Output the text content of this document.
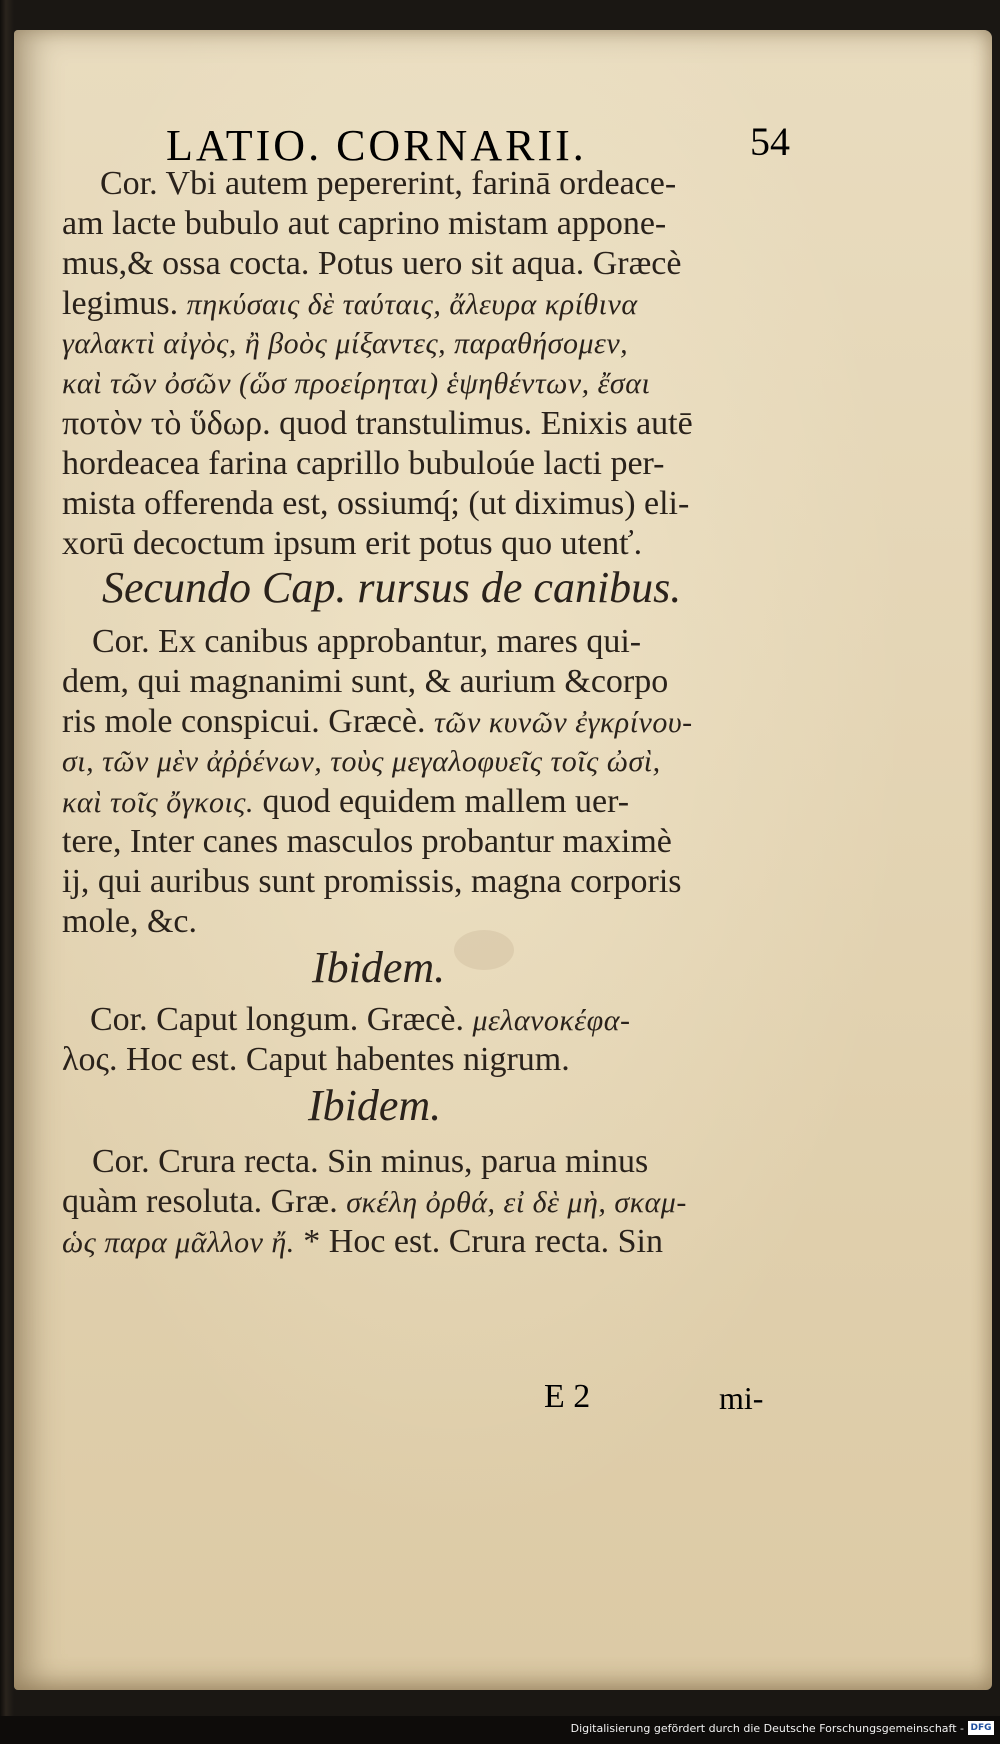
LATIO. CORNARII.	54
Cor. Vbi autem pepererint, farinā ordeace-
am lacte bubulo aut caprino mistam appone-
mus,& ossa cocta. Potus uero sit aqua. Græcè
legimus. πηκύσαις δὲ ταύταις, ἄλευρα κρίθινα
γαλακτὶ αἰγὸς, ἢ βοὸς μίξαντες, παραθήσομεν,
καὶ τῶν ὀσῶν (ὥσ προείρηται) ἑψηθέντων, ἔσαι
ποτὸν τὸ ὕδωρ. quod transtulimus. Enixis autē
hordeacea farina caprillo bubuloúe lacti per-
mista offerenda est, ossiumq́; (ut diximus) eli-
xorū decoctum ipsum erit potus quo utenť.
Secundo Cap. rursus de canibus.
Cor. Ex canibus approbantur, mares qui-
dem, qui magnanimi sunt, & aurium &corpo
ris mole conspicui. Græcè. τῶν κυνῶν ἐγκρίνου-
σι, τῶν μὲν ἀῤῥένων, τοὺς μεγαλοφυεῖς τοῖς ὠσὶ,
καὶ τοῖς ὄγκοις. quod equidem mallem uer-
tere, Inter canes masculos probantur maximè
ij, qui auribus sunt promissis, magna corporis
mole, &c.
Ibidem.
Cor. Caput longum. Græcè. μελανοκέφα-
λος. Hoc est. Caput habentes nigrum.
Ibidem.
Cor. Crura recta. Sin minus, parua minus
quàm resoluta. Græ. σκέλη ὀρθά, εἰ δὲ μὴ, σκαμ-
ὡς παρα μᾶλλον ἤ. * Hoc est. Crura recta. Sin
E 2	mi-
Digitalisierung gefördert durch die Deutsche Forschungsgemeinschaft - DFG
